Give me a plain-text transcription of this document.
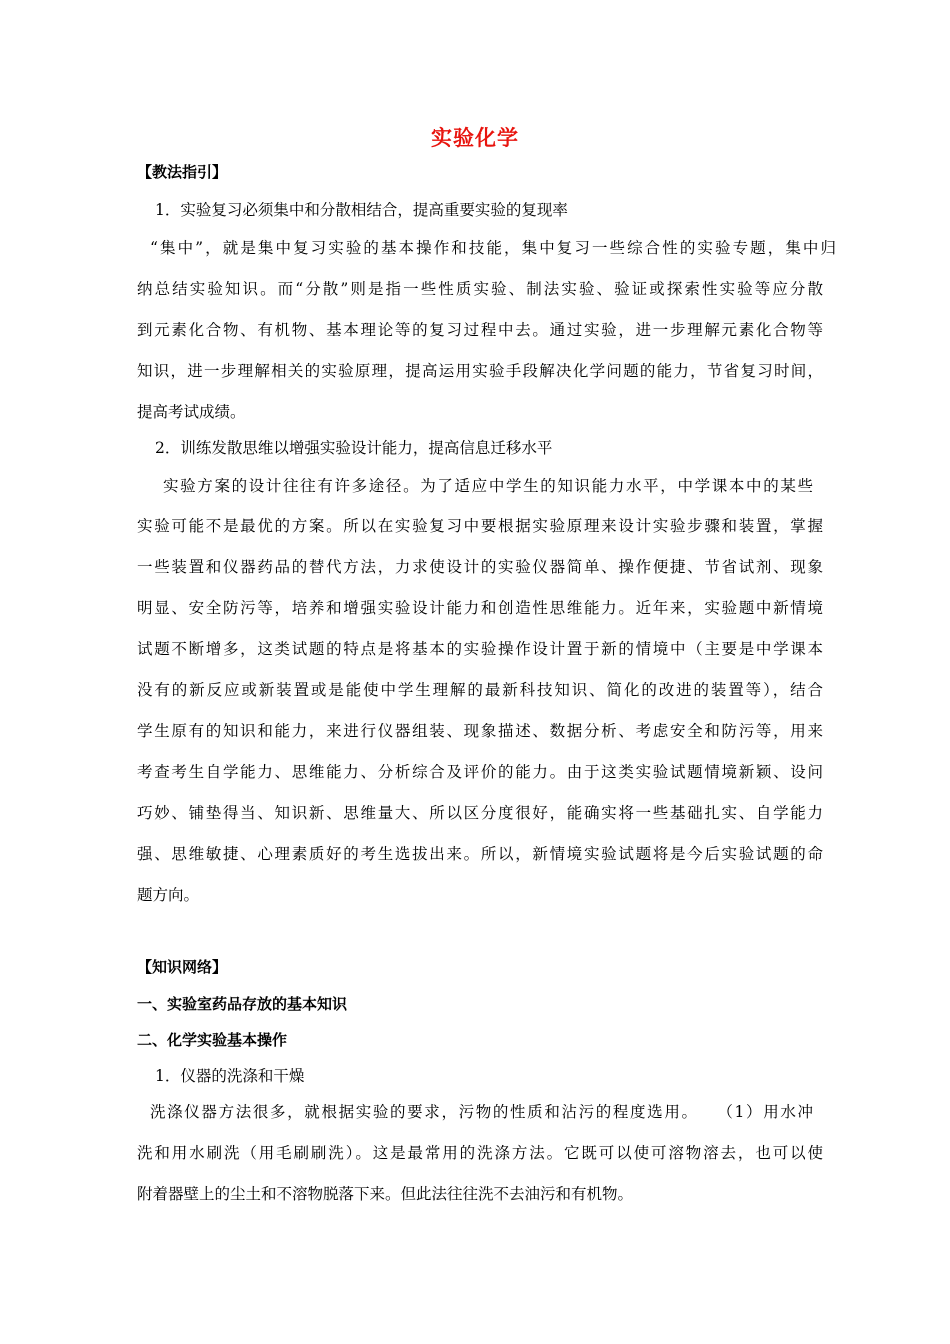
实验化学
【教法指引】
1．实验复习必须集中和分散相结合，提高重要实验的复现率
“集中”，就是集中复习实验的基本操作和技能，集中复习一些综合性的实验专题，集中归
纳总结实验知识。而“分散”则是指一些性质实验、制法实验、验证或探索性实验等应分散
到元素化合物、有机物、基本理论等的复习过程中去。通过实验，进一步理解元素化合物等
知识，进一步理解相关的实验原理，提高运用实验手段解决化学问题的能力，节省复习时间，
提高考试成绩。
2．训练发散思维以增强实验设计能力，提高信息迁移水平
实验方案的设计往往有许多途径。为了适应中学生的知识能力水平，中学课本中的某些
实验可能不是最优的方案。所以在实验复习中要根据实验原理来设计实验步骤和装置，掌握
一些装置和仪器药品的替代方法，力求使设计的实验仪器简单、操作便捷、节省试剂、现象
明显、安全防污等，培养和增强实验设计能力和创造性思维能力。近年来，实验题中新情境
试题不断增多，这类试题的特点是将基本的实验操作设计置于新的情境中（主要是中学课本
没有的新反应或新装置或是能使中学生理解的最新科技知识、简化的改进的装置等），结合
学生原有的知识和能力，来进行仪器组装、现象描述、数据分析、考虑安全和防污等，用来
考查考生自学能力、思维能力、分析综合及评价的能力。由于这类实验试题情境新颖、设问
巧妙、铺垫得当、知识新、思维量大、所以区分度很好，能确实将一些基础扎实、自学能力
强、思维敏捷、心理素质好的考生选拔出来。所以，新情境实验试题将是今后实验试题的命
题方向。
【知识网络】
一、实验室药品存放的基本知识
二、化学实验基本操作
1．仪器的洗涤和干燥
洗涤仪器方法很多，就根据实验的要求，污物的性质和沾污的程度选用。　　（1）用水冲
洗和用水刷洗（用毛刷刷洗）。这是最常用的洗涤方法。它既可以使可溶物溶去，也可以使
附着器壁上的尘土和不溶物脱落下来。但此法往往洗不去油污和有机物。
